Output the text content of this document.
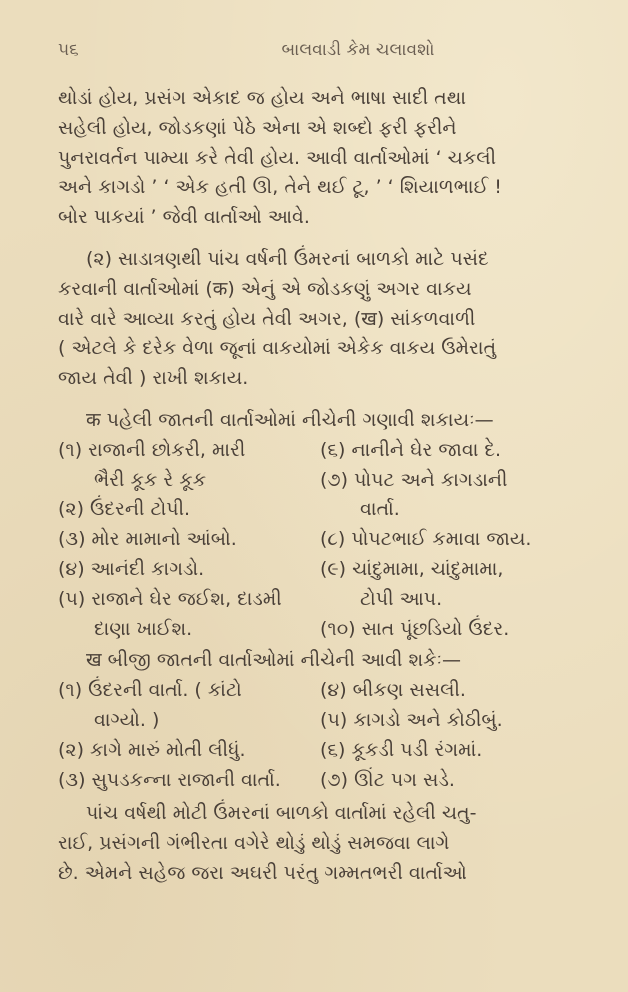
૫૬	બાલવાડી કેમ ચલાવશો
થોડાં હોય, પ્રસંગ એકાદ જ હોય અને ભાષા સાદી તથા
સહેલી હોય, જોડકણાં પેઠે એના એ શબ્દો ફરી ફરીને
પુનરાવર્તન પામ્યા કરે તેવી હોય. આવી વાર્તાઓમાં ‘ ચકલી
અને કાગડો ’ ‘ એક હતી ઊ, તેને થઈ ટૂ, ’ ‘ શિયાળભાઈ !
બોર પાકયાં ’ જેવી વાર્તાઓ આવે.
(૨) સાડાત્રણથી પાંચ વર્ષની ઉંમરનાં બાળકો માટે પસંદ
કરવાની વાર્તાઓમાં (क) એનું એ જોડકણું અગર વાકય
વારે વારે આવ્યા કરતું હોય તેવી અગર, (ख) સાંકળવાળી
( એટલે કે દરેક વેળા જૂનાં વાકયોમાં એકેક વાકય ઉમેરાતું
જાય તેવી ) રાખી શકાય.
क પહેલી જાતની વાર્તાઓમાં નીચેની ગણાવી શકાયઃ—
(૧) રાજાની છોકરી, મારી	(૬) નાનીને ઘેર જાવા દે.
ભૈરી કૂક રે કૂક	(૭) પોપટ અને કાગડાની
(૨) ઉંદરની ટોપી.	વાર્તા.
(૩) મોર મામાનો આંબો.	(૮) પોપટભાઈ કમાવા જાય.
(૪) આનંદી કાગડો.	(૯) ચાંદુમામા, ચાંદુમામા,
(૫) રાજાને ઘેર જઈશ, દાડમી	ટોપી આપ.
દાણા ખાઈશ.	(૧૦) સાત પૂંછડિયો ઉંદર.
ख બીજી જાતની વાર્તાઓમાં નીચેની આવી શકેઃ—
(૧) ઉંદરની વાર્તા. ( કાંટો	(૪) બીકણ સસલી.
વાગ્યો. )	(૫) કાગડો અને કોઠીબું.
(૨) કાગે મારું મોતી લીધું.	(૬) કૂકડી પડી રંગમાં.
(૩) સુપડકન્ના રાજાની વાર્તા.	(૭) ઊંટ પગ સડે.
પાંચ વર્ષથી મોટી ઉંમરનાં બાળકો વાર્તામાં રહેલી ચતુ-
રાઈ, પ્રસંગની ગંભીરતા વગેરે થોડું થોડું સમજવા લાગે
છે. એમને સહેજ જરા અઘરી પરંતુ ગમ્મતભરી વાર્તાઓ
